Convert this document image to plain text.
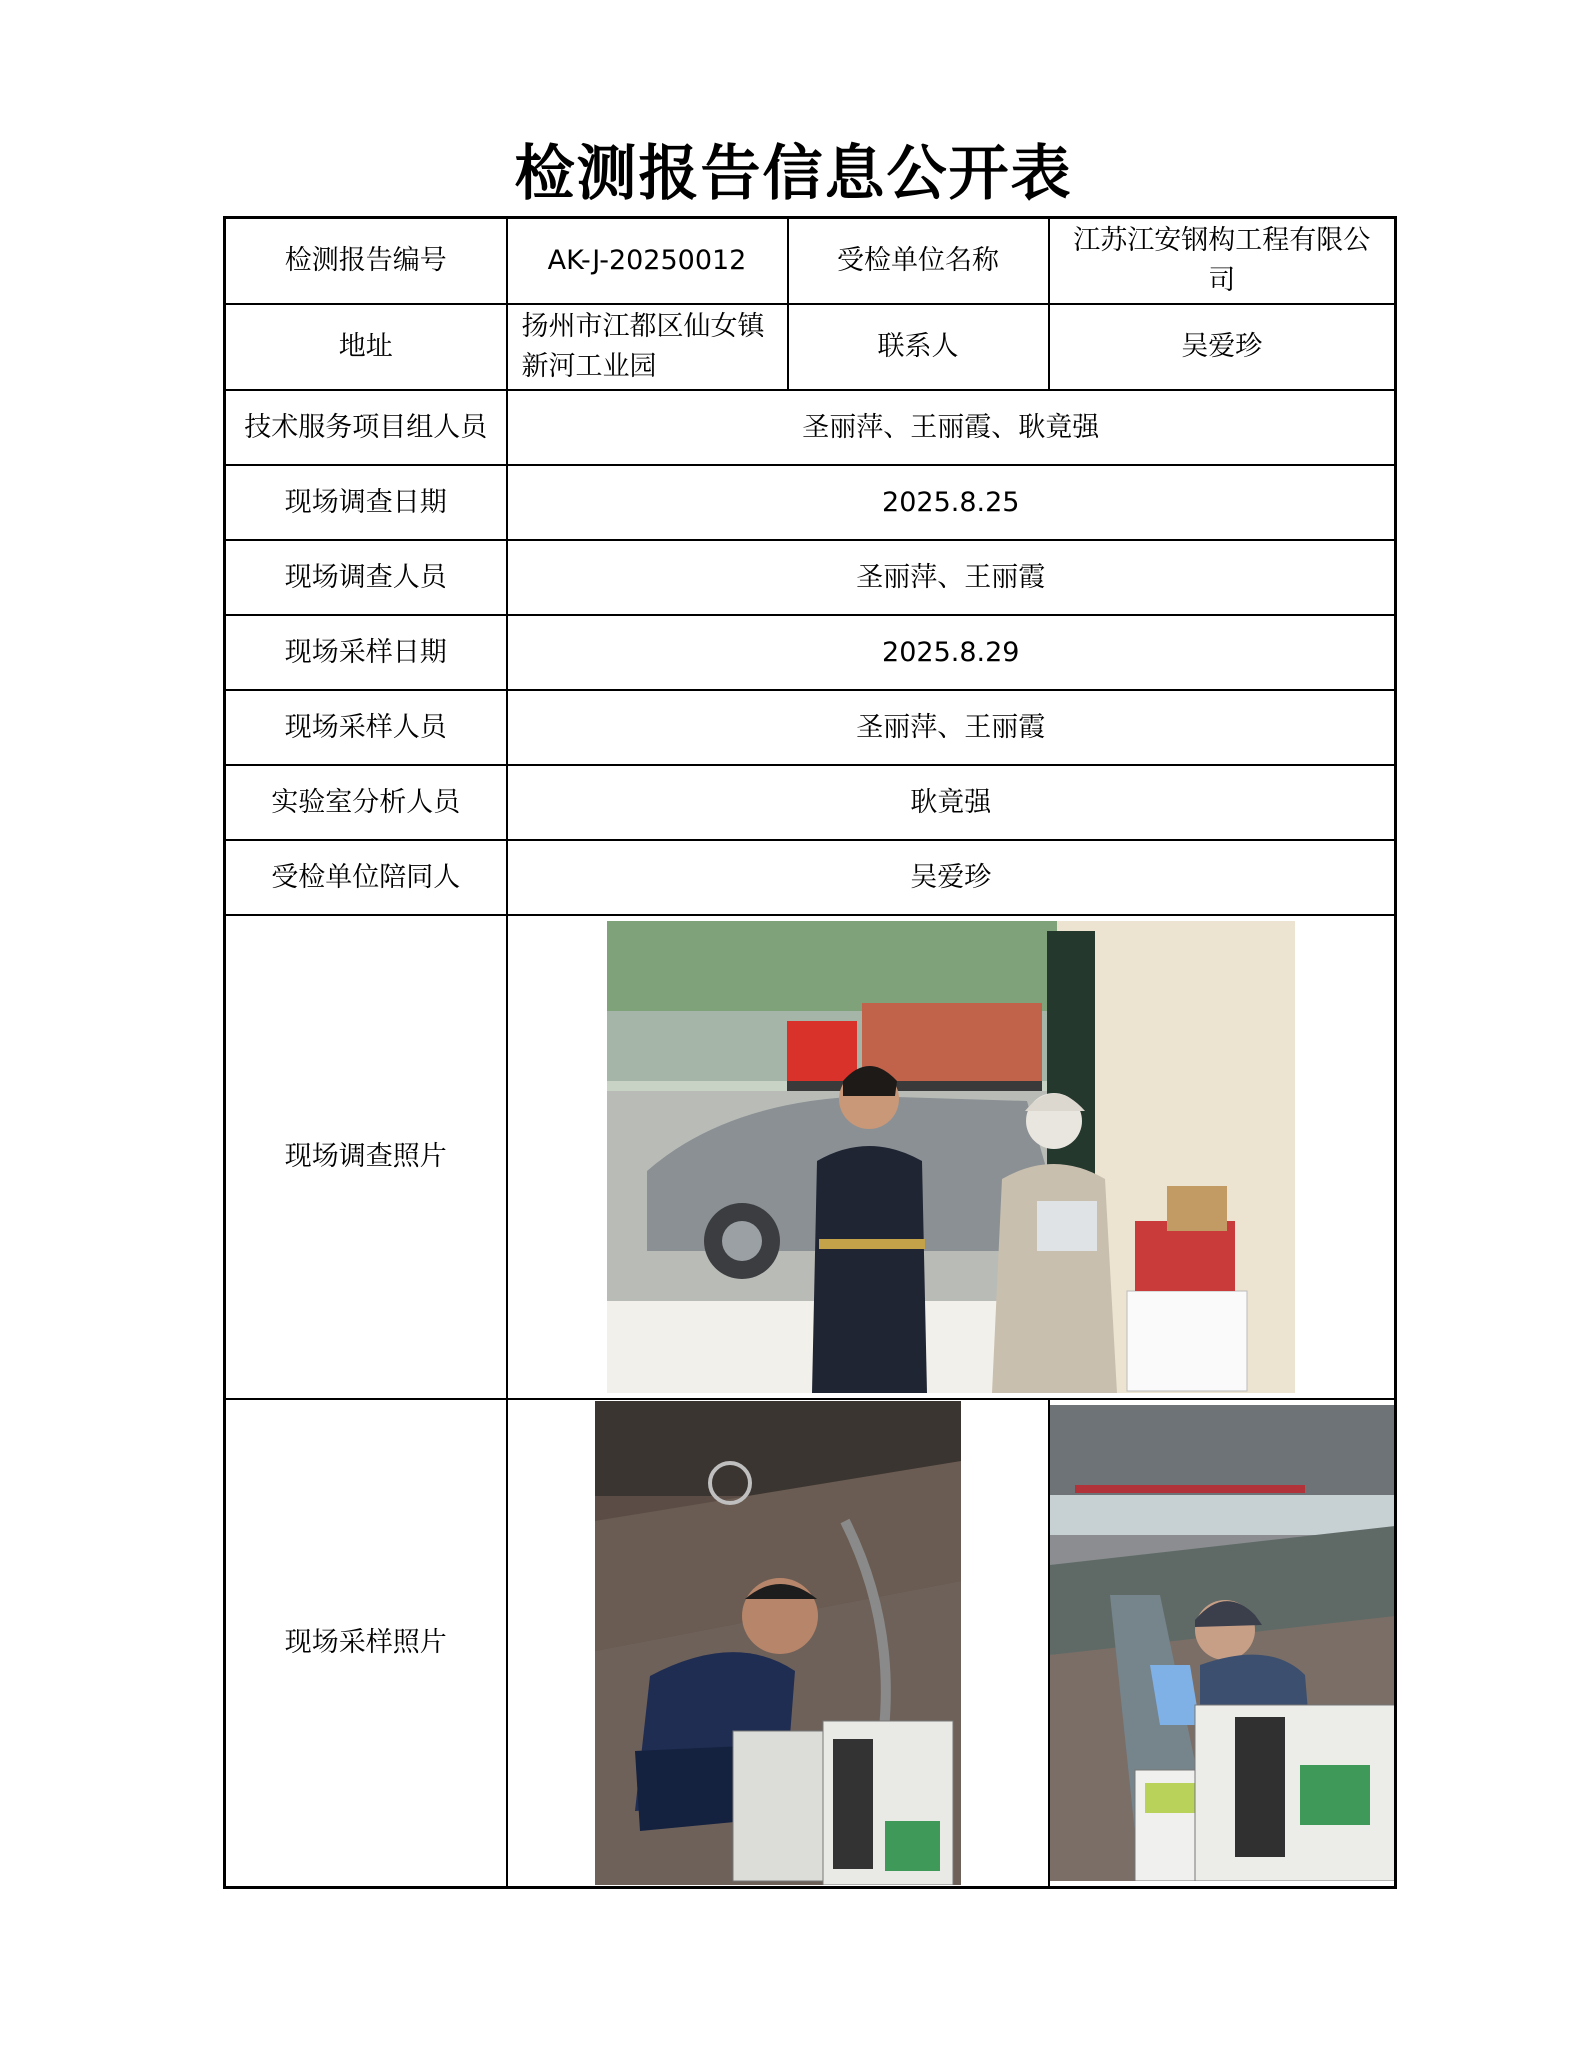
检测报告信息公开表
检测报告编号	AK-J-20250012	受检单位名称	江苏江安钢构工程有限公司
地址	扬州市江都区仙女镇新河工业园	联系人	吴爱珍
技术服务项目组人员	圣丽萍、王丽霞、耿竟强		
现场调查日期	2025.8.25		
现场调查人员	圣丽萍、王丽霞		
现场采样日期	2025.8.29		
现场采样人员	圣丽萍、王丽霞		
实验室分析人员	耿竟强		
受检单位陪同人	吴爱珍		
现场调查照片	

现场采样照片	
